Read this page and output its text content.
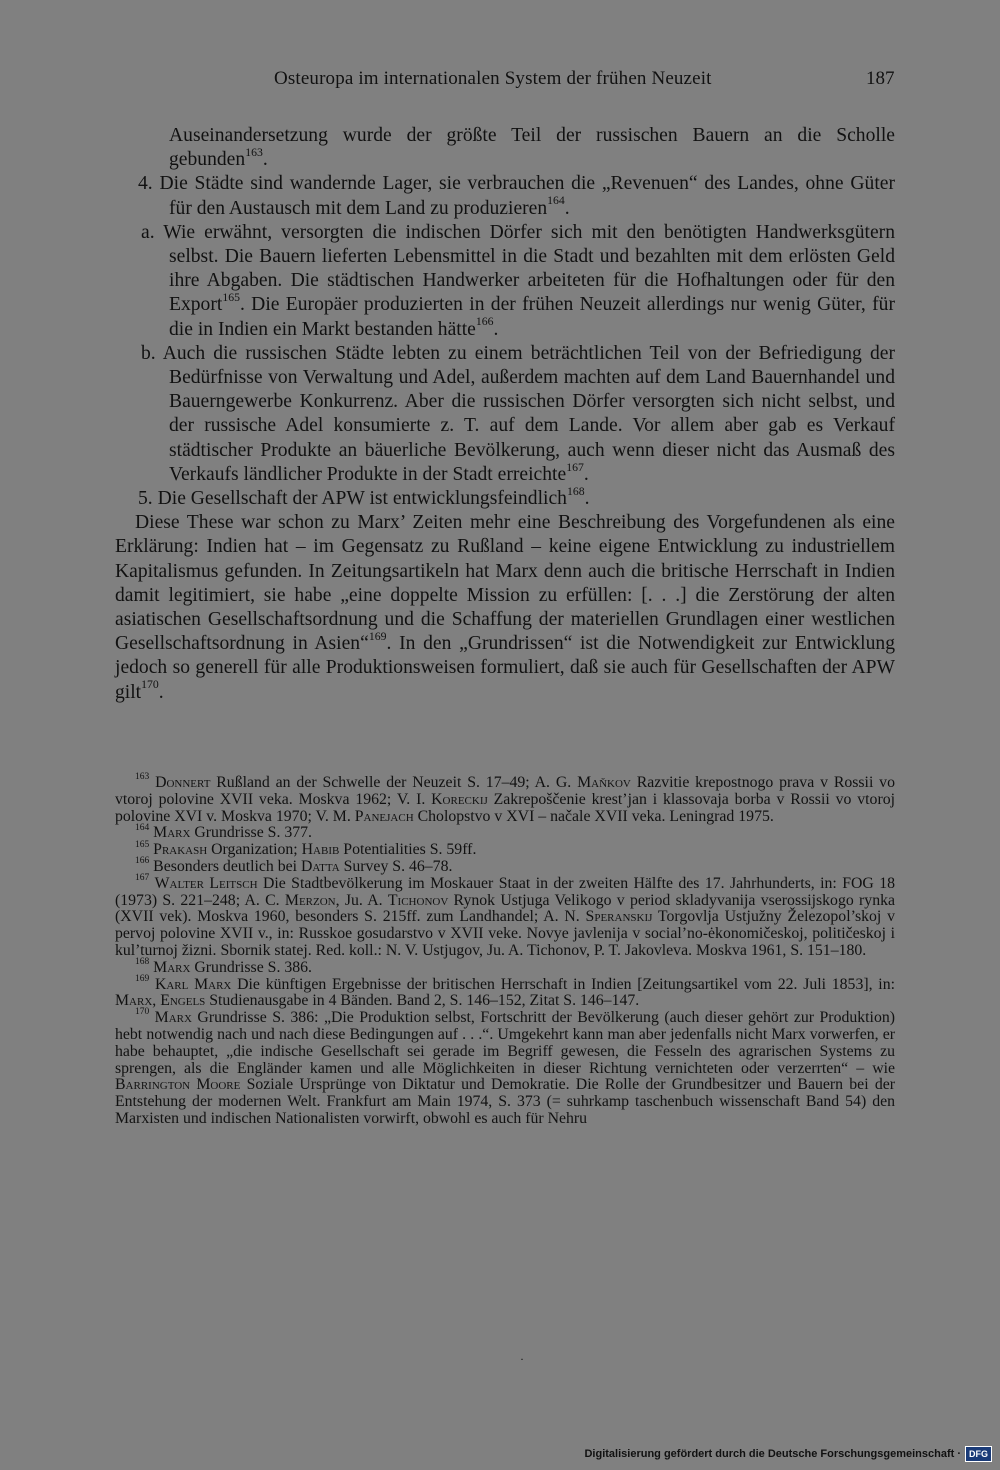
Osteuropa im internationalen System der frühen Neuzeit	187

Auseinandersetzung wurde der größte Teil der russischen Bauern an die Scholle gebunden$^{163}$.

4. Die Städte sind wandernde Lager, sie verbrauchen die „Revenuen“ des Landes, ohne Güter für den Austausch mit dem Land zu produzieren$^{164}$.

a. Wie erwähnt, versorgten die indischen Dörfer sich mit den benötigten Handwerksgütern selbst. Die Bauern lieferten Lebensmittel in die Stadt und bezahlten mit dem erlösten Geld ihre Abgaben. Die städtischen Handwerker arbeiteten für die Hofhaltungen oder für den Export$^{165}$. Die Europäer produzierten in der frühen Neuzeit allerdings nur wenig Güter, für die in Indien ein Markt bestanden hätte$^{166}$.

b. Auch die russischen Städte lebten zu einem beträchtlichen Teil von der Befriedigung der Bedürfnisse von Verwaltung und Adel, außerdem machten auf dem Land Bauernhandel und Bauerngewerbe Konkurrenz. Aber die russischen Dörfer versorgten sich nicht selbst, und der russische Adel konsumierte z. T. auf dem Lande. Vor allem aber gab es Verkauf städtischer Produkte an bäuerliche Bevölkerung, auch wenn dieser nicht das Ausmaß des Verkaufs ländlicher Produkte in der Stadt erreichte$^{167}$.

5. Die Gesellschaft der APW ist entwicklungsfeindlich$^{168}$.

Diese These war schon zu Marx’ Zeiten mehr eine Beschreibung des Vorgefundenen als eine Erklärung: Indien hat – im Gegensatz zu Rußland – keine eigene Entwicklung zu industriellem Kapitalismus gefunden. In Zeitungsartikeln hat Marx denn auch die britische Herrschaft in Indien damit legitimiert, sie habe „eine doppelte Mission zu erfüllen: [. . .] die Zerstörung der alten asiatischen Gesellschaftsordnung und die Schaffung der materiellen Grundlagen einer westlichen Gesellschaftsordnung in Asien“$^{169}$. In den „Grundrissen“ ist die Notwendigkeit zur Entwicklung jedoch so generell für alle Produktionsweisen formuliert, daß sie auch für Gesellschaften der APW gilt$^{170}$.

$^{163}$ Donnert Rußland an der Schwelle der Neuzeit S. 17–49; A. G. Maňkov Razvitie krepostnogo prava v Rossii vo vtoroj polovine XVII veka. Moskva 1962; V. I. Koreckij Zakrepoščenie krest’jan i klassovaja borba v Rossii vo vtoroj polovine XVI v. Moskva 1970; V. M. Panejach Cholopstvo v XVI – načale XVII veka. Leningrad 1975.

$^{164}$ Marx Grundrisse S. 377.

$^{165}$ Prakash Organization; Habib Potentialities S. 59ff.

$^{166}$ Besonders deutlich bei Datta Survey S. 46–78.

$^{167}$ Walter Leitsch Die Stadtbevölkerung im Moskauer Staat in der zweiten Hälfte des 17. Jahrhunderts, in: FOG 18 (1973) S. 221–248; A. C. Merzon, Ju. A. Tichonov Rynok Ustjuga Velikogo v period skladyvanija vserossijskogo rynka (XVII vek). Moskva 1960, besonders S. 215ff. zum Landhandel; A. N. Speranskij Torgovlja Ustjužny Železopol’skoj v pervoj polovine XVII v., in: Russkoe gosudarstvo v XVII veke. Novye javlenija v social’no-ėkonomičeskoj, političeskoj i kul’turnoj žizni. Sbornik statej. Red. koll.: N. V. Ustjugov, Ju. A. Tichonov, P. T. Jakovleva. Moskva 1961, S. 151–180.

$^{168}$ Marx Grundrisse S. 386.

$^{169}$ Karl Marx Die künftigen Ergebnisse der britischen Herrschaft in Indien [Zeitungsartikel vom 22. Juli 1853], in: Marx, Engels Studienausgabe in 4 Bänden. Band 2, S. 146–152, Zitat S. 146–147.

$^{170}$ Marx Grundrisse S. 386: „Die Produktion selbst, Fortschritt der Bevölkerung (auch dieser gehört zur Produktion) hebt notwendig nach und nach diese Bedingungen auf . . .“. Umgekehrt kann man aber jedenfalls nicht Marx vorwerfen, er habe behauptet, „die indische Gesellschaft sei gerade im Begriff gewesen, die Fesseln des agrarischen Systems zu sprengen, als die Engländer kamen und alle Möglichkeiten in dieser Richtung vernichteten oder verzerrten“ – wie Barrington Moore Soziale Ursprünge von Diktatur und Demokratie. Die Rolle der Grundbesitzer und Bauern bei der Entstehung der modernen Welt. Frankfurt am Main 1974, S. 373 (= suhrkamp taschenbuch wissenschaft Band 54) den Marxisten und indischen Nationalisten vorwirft, obwohl es auch für Nehru

·
Digitalisierung gefördert durch die Deutsche Forschungsgemeinschaft · DFG
